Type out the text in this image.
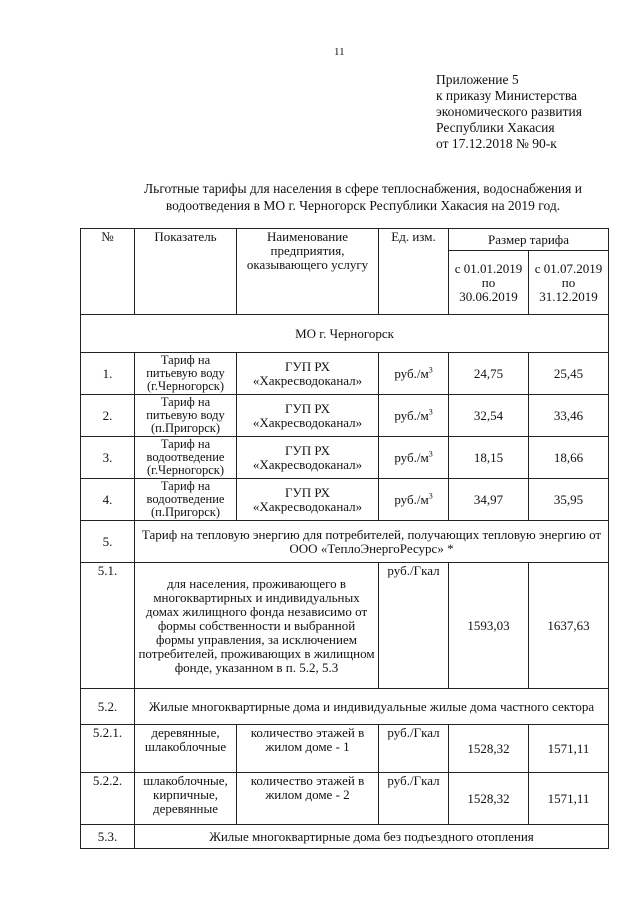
11
Приложение 5
к приказу Министерства
экономического развития
Республики Хакасия
от 17.12.2018 № 90-к
Льготные тарифы для населения в сфере теплоснабжения, водоснабжения и водоотведения в МО г. Черногорск Республики Хакасия на 2019 год.
№	Показатель	Наименование предприятия, оказывающего услугу	Ед. изм.	Размер тарифа	
				с 01.01.2019 по 30.06.2019	с 01.07.2019 по 31.12.2019
МО г. Черногорск					
1.	Тариф на питьевую воду (г.Черногорск)	ГУП РХ «Хакресводоканал»	$руб./м^3$	24,75	25,45
2.	Тариф на питьевую воду (п.Пригорск)	ГУП РХ «Хакресводоканал»	$руб./м^3$	32,54	33,46
3.	Тариф на водоотведение (г.Черногорск)	ГУП РХ «Хакресводоканал»	$руб./м^3$	18,15	18,66
4.	Тариф на водоотведение (п.Пригорск)	ГУП РХ «Хакресводоканал»	$руб./м^3$	34,97	35,95
5.	Тариф на тепловую энергию для потребителей, получающих тепловую энергию от ООО «ТеплоЭнергоРесурс» *				
5.1.	для населения, проживающего в многоквартирных и индивидуальных домах жилищного фонда независимо от формы собственности и выбранной формы управления, за исключением потребителей, проживающих в жилищном фонде, указанном в п. 5.2, 5.3		руб./Гкал	1593,03	1637,63
5.2.	Жилые многоквартирные дома и индивидуальные жилые дома частного сектора				
5.2.1.	деревянные, шлакоблочные	количество этажей в жилом доме - 1	руб./Гкал	1528,32	1571,11
5.2.2.	шлакоблочные, кирпичные, деревянные	количество этажей в жилом доме - 2	руб./Гкал	1528,32	1571,11
5.3.	Жилые многоквартирные дома без подъездного отопления				
